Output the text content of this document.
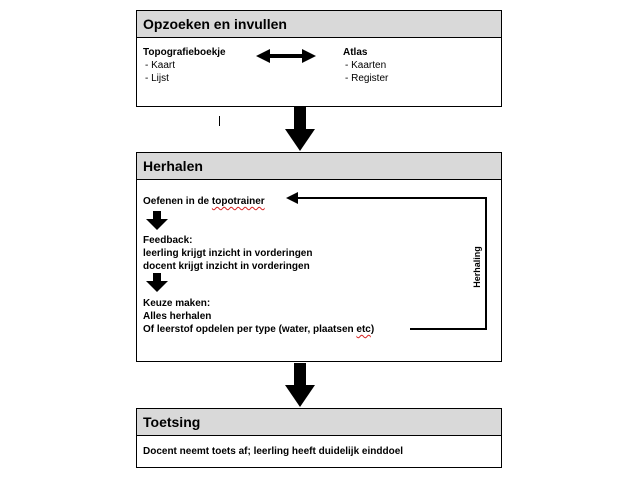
Opzoeken en invullen
Topografieboekje
- Kaart
- Lijst
Atlas
- Kaarten
- Register
Herhalen
Oefenen in de topotrainer
Feedback:
leerling krijgt inzicht in vorderingen
docent krijgt inzicht in vorderingen
Keuze maken:
Alles herhalen
Of leerstof opdelen per type (water, plaatsen etc)
Herhaling
Toetsing
Docent neemt toets af; leerling heeft duidelijk einddoel
